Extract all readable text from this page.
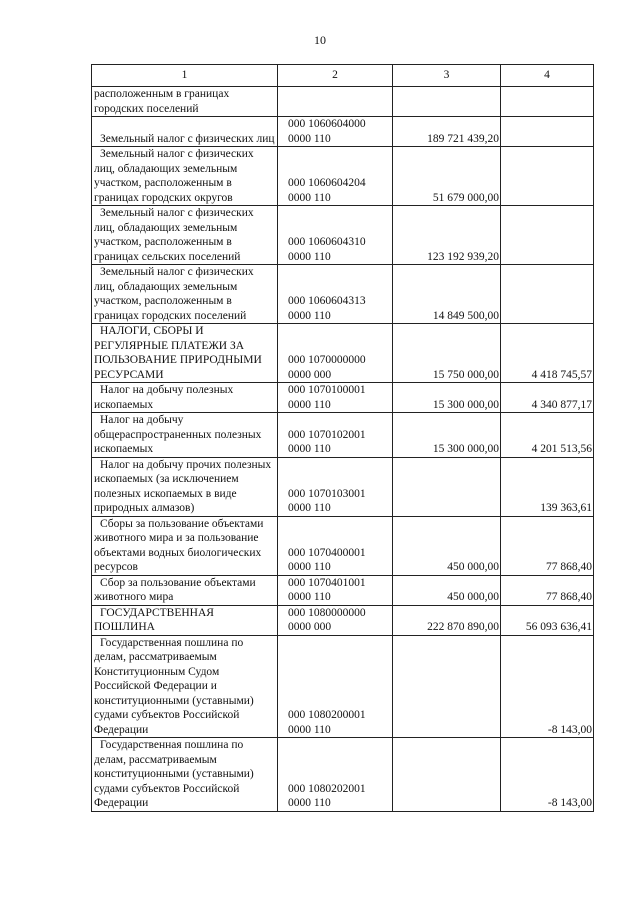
10
1	2	3	4
расположенным в границах городских поселений			
Земельный налог с физических лиц	000 1060604000 0000 110	189 721 439,20	
Земельный налог с физических лиц, обладающих земельным участком, расположенным в границах городских округов	000 1060604204 0000 110	51 679 000,00	
Земельный налог с физических лиц, обладающих земельным участком, расположенным в границах сельских поселений	000 1060604310 0000 110	123 192 939,20	
Земельный налог с физических лиц, обладающих земельным участком, расположенным в границах городских поселений	000 1060604313 0000 110	14 849 500,00	
НАЛОГИ, СБОРЫ И РЕГУЛЯРНЫЕ ПЛАТЕЖИ ЗА ПОЛЬЗОВАНИЕ ПРИРОДНЫМИ РЕСУРСАМИ	000 1070000000 0000 000	15 750 000,00	4 418 745,57
Налог на добычу полезных ископаемых	000 1070100001 0000 110	15 300 000,00	4 340 877,17
Налог на добычу общераспространенных полезных ископаемых	000 1070102001 0000 110	15 300 000,00	4 201 513,56
Налог на добычу прочих полезных ископаемых (за исключением полезных ископаемых в виде природных алмазов)	000 1070103001 0000 110		139 363,61
Сборы за пользование объектами животного мира и за пользование объектами водных биологических ресурсов	000 1070400001 0000 110	450 000,00	77 868,40
Сбор за пользование объектами животного мира	000 1070401001 0000 110	450 000,00	77 868,40
ГОСУДАРСТВЕННАЯ ПОШЛИНА	000 1080000000 0000 000	222 870 890,00	56 093 636,41
Государственная пошлина по делам, рассматриваемым Конституционным Судом Российской Федерации и конституционными (уставными) судами субъектов Российской Федерации	000 1080200001 0000 110		-8 143,00
Государственная пошлина по делам, рассматриваемым конституционными (уставными) судами субъектов Российской Федерации	000 1080202001 0000 110		-8 143,00
